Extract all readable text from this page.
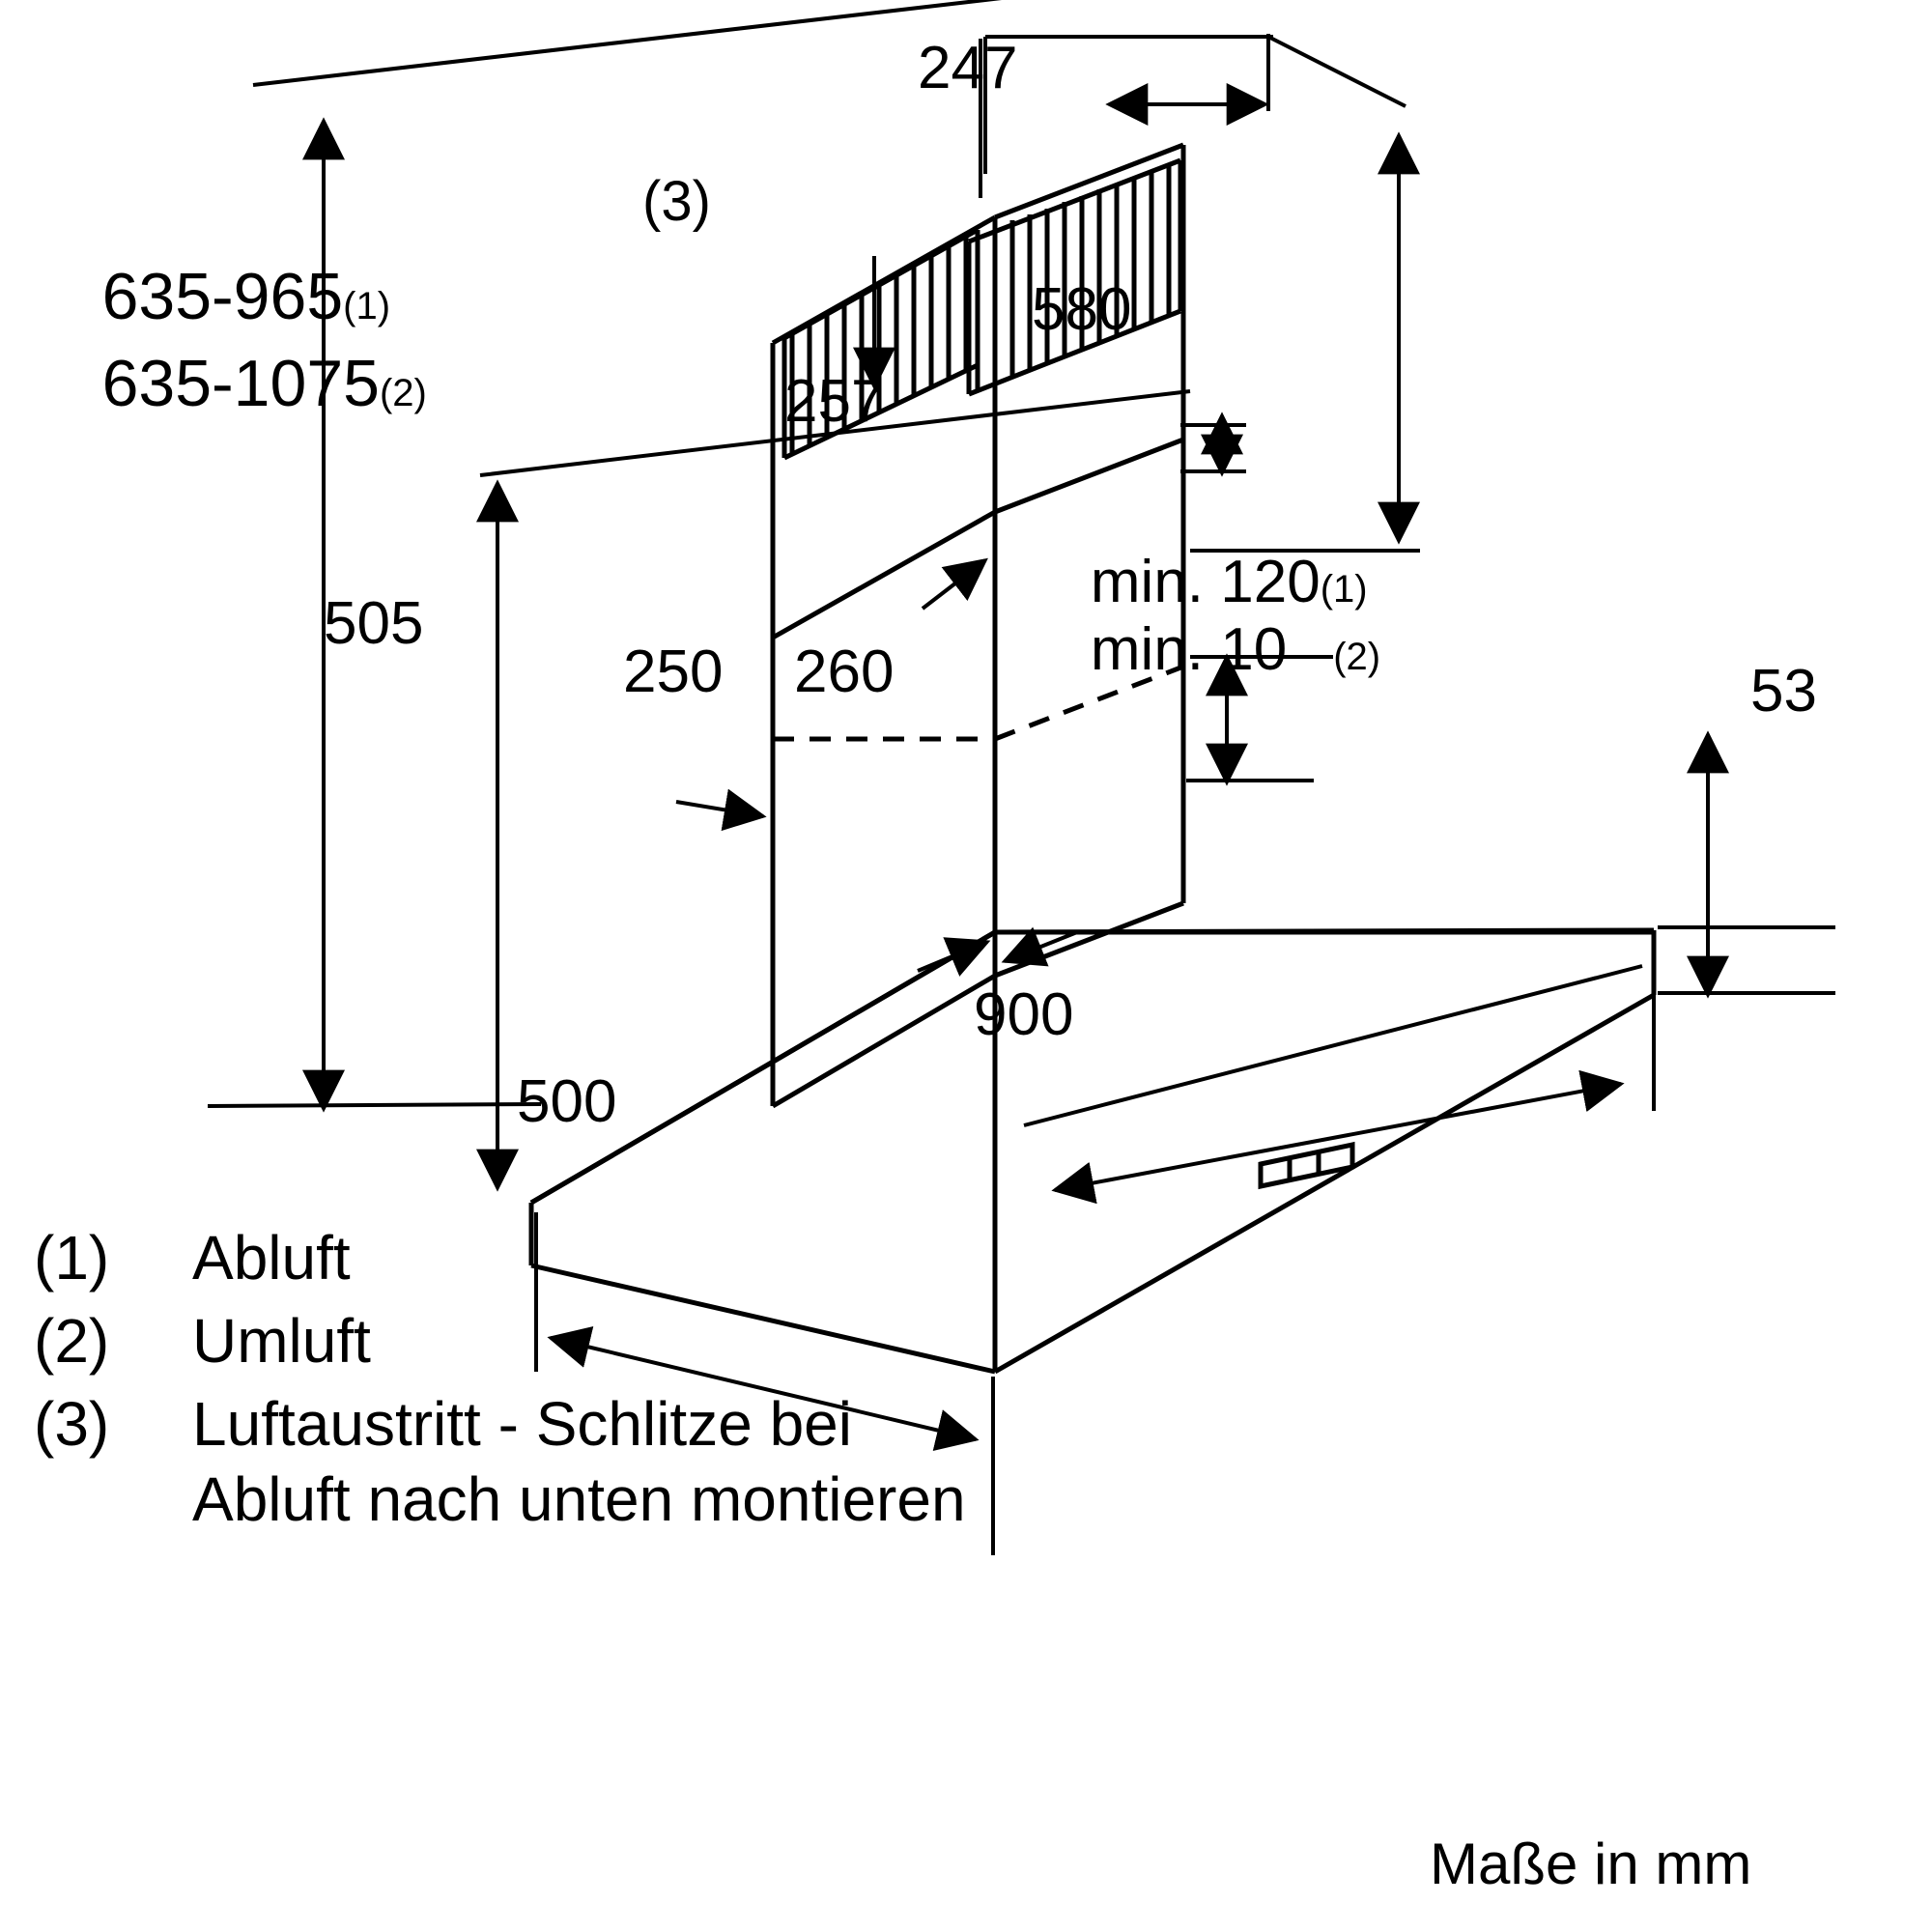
635-965(1)

635-1075(2)

505
(3)
247
580
53
257

min. 120(1)

min. 10 (2)

250 260
500
900
(1)	Abluft
(2)	Umluft
(3)	Luftaustritt - Schlitze bei
Abluft nach unten montieren
Maße in mm
